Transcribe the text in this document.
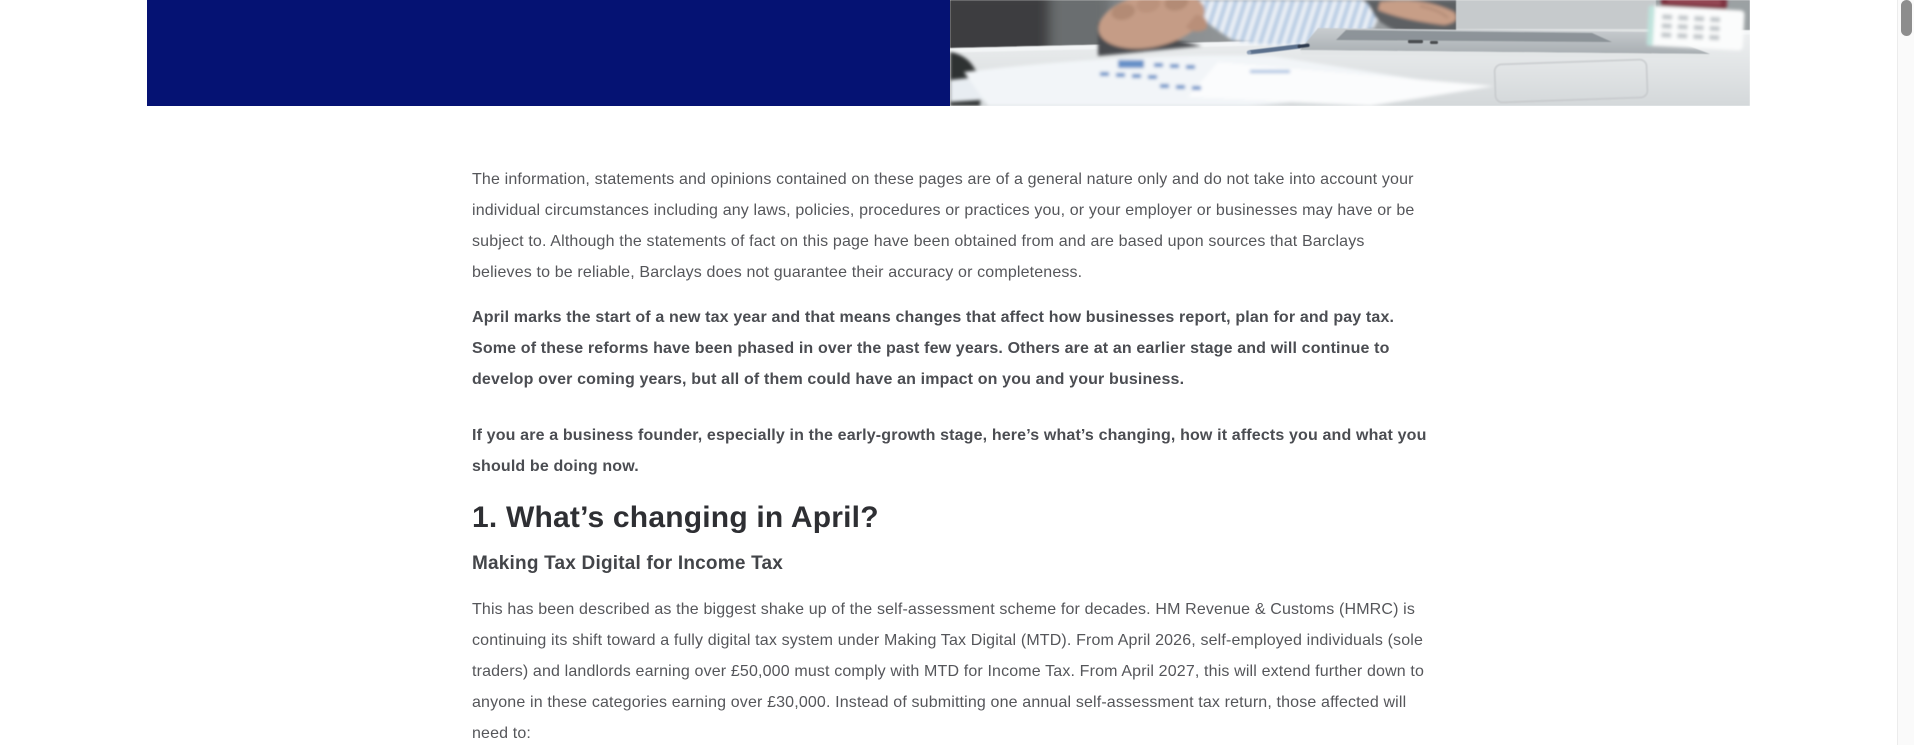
The information, statements and opinions contained on these pages are of a general nature only and do not take into account your individual circumstances including any laws, policies, procedures or practices you, or your employer or businesses may have or be subject to. Although the statements of fact on this page have been obtained from and are based upon sources that Barclays believes to be reliable, Barclays does not guarantee their accuracy or completeness.

April marks the start of a new tax year and that means changes that affect how businesses report, plan for and pay tax. Some of these reforms have been phased in over the past few years. Others are at an earlier stage and will continue to develop over coming years, but all of them could have an impact on you and your business.

If you are a business founder, especially in the early-growth stage, here’s what’s changing, how it affects you and what you should be doing now.

1. What’s changing in April?
Making Tax Digital for Income Tax

This has been described as the biggest shake up of the self-assessment scheme for decades. HM Revenue & Customs (HMRC) is continuing its shift toward a fully digital tax system under Making Tax Digital (MTD). From April 2026, self-employed individuals (sole traders) and landlords earning over £50,000 must comply with MTD for Income Tax. From April 2027, this will extend further down to anyone in these categories earning over £30,000. Instead of submitting one annual self-assessment tax return, those affected will need to:
